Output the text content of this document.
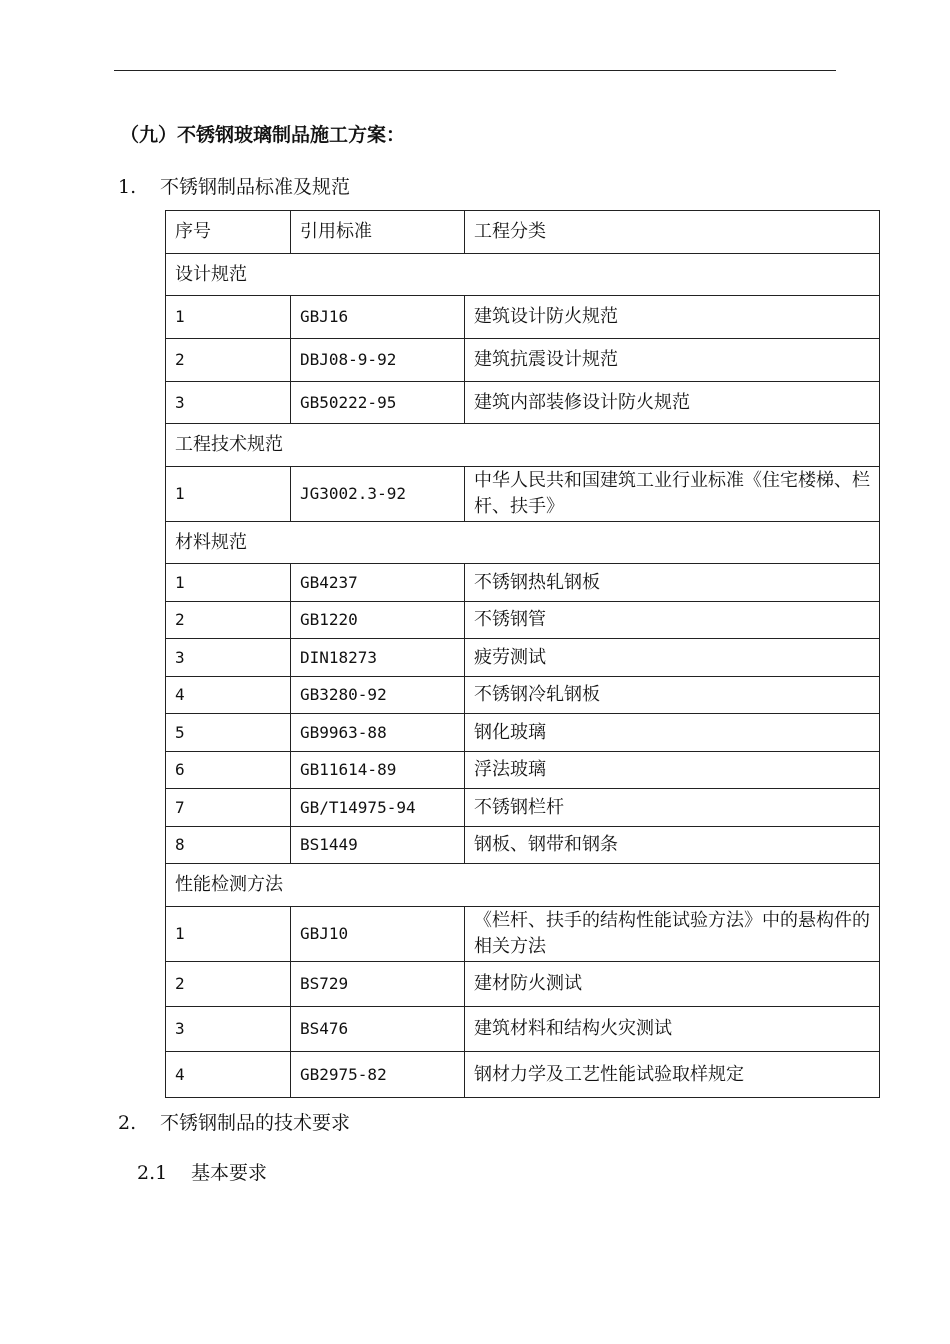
（九）不锈钢玻璃制品施工方案：
1. 不锈钢制品标准及规范
序号	引用标准	工程分类
设计规范		
1	GBJ16	建筑设计防火规范
2	DBJ08-9-92	建筑抗震设计规范
3	GB50222-95	建筑内部装修设计防火规范
工程技术规范		
1	JG3002.3-92	中华人民共和国建筑工业行业标准《住宅楼梯、栏杆、扶手》
材料规范		
1	GB4237	不锈钢热轧钢板
2	GB1220	不锈钢管
3	DIN18273	疲劳测试
4	GB3280-92	不锈钢冷轧钢板
5	GB9963-88	钢化玻璃
6	GB11614-89	浮法玻璃
7	GB/T14975-94	不锈钢栏杆
8	BS1449	钢板、钢带和钢条
性能检测方法		
1	GBJ10	《栏杆、扶手的结构性能试验方法》中的悬构件的相关方法
2	BS729	建材防火测试
3	BS476	建筑材料和结构火灾测试
4	GB2975-82	钢材力学及工艺性能试验取样规定
2. 不锈钢制品的技术要求
2.1 基本要求
